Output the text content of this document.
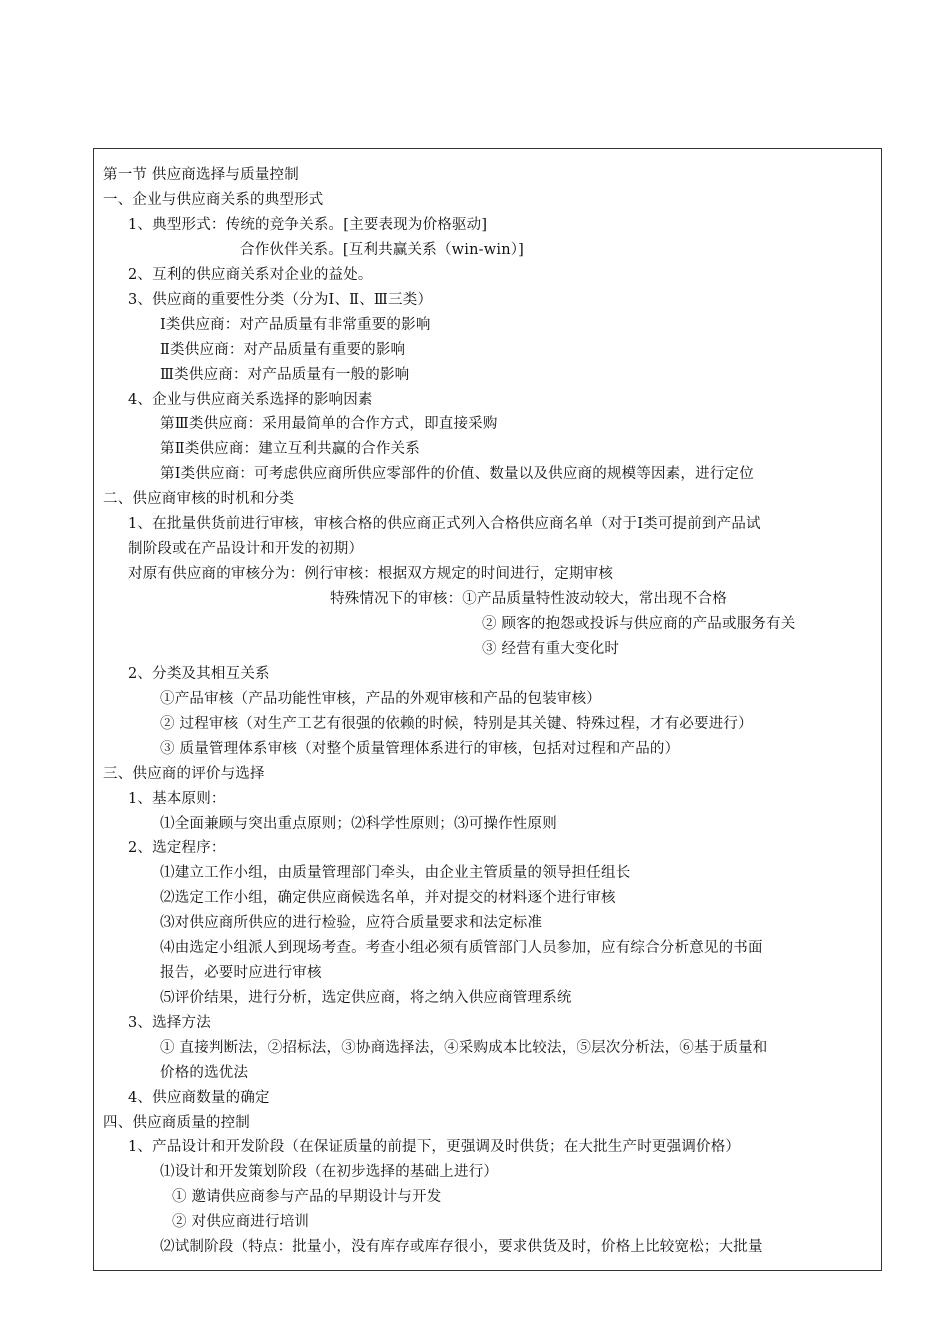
第一节 供应商选择与质量控制
一、企业与供应商关系的典型形式
1、典型形式：传统的竞争关系。[主要表现为价格驱动]
合作伙伴关系。[互利共赢关系（win-win）]
2、互利的供应商关系对企业的益处。
3、供应商的重要性分类（分为Ⅰ、Ⅱ、Ⅲ三类）
Ⅰ类供应商：对产品质量有非常重要的影响
Ⅱ类供应商：对产品质量有重要的影响
Ⅲ类供应商：对产品质量有一般的影响
4、企业与供应商关系选择的影响因素
第Ⅲ类供应商：采用最简单的合作方式，即直接采购
第Ⅱ类供应商：建立互利共赢的合作关系
第Ⅰ类供应商：可考虑供应商所供应零部件的价值、数量以及供应商的规模等因素，进行定位
二、供应商审核的时机和分类
1、在批量供货前进行审核，审核合格的供应商正式列入合格供应商名单（对于Ⅰ类可提前到产品试
制阶段或在产品设计和开发的初期）
对原有供应商的审核分为：例行审核：根据双方规定的时间进行，定期审核
特殊情况下的审核：①产品质量特性波动较大，常出现不合格
② 顾客的抱怨或投诉与供应商的产品或服务有关
③ 经营有重大变化时
2、分类及其相互关系
①产品审核（产品功能性审核，产品的外观审核和产品的包装审核）
② 过程审核（对生产工艺有很强的依赖的时候，特别是其关键、特殊过程，才有必要进行）
③ 质量管理体系审核（对整个质量管理体系进行的审核，包括对过程和产品的）
三、供应商的评价与选择
1、基本原则：
⑴全面兼顾与突出重点原则；⑵科学性原则；⑶可操作性原则
2、选定程序：
⑴建立工作小组，由质量管理部门牵头，由企业主管质量的领导担任组长
⑵选定工作小组，确定供应商候选名单，并对提交的材料逐个进行审核
⑶对供应商所供应的进行检验，应符合质量要求和法定标准
⑷由选定小组派人到现场考查。考查小组必须有质管部门人员参加，应有综合分析意见的书面
报告，必要时应进行审核
⑸评价结果，进行分析，选定供应商，将之纳入供应商管理系统
3、选择方法
① 直接判断法，②招标法，③协商选择法，④采购成本比较法，⑤层次分析法，⑥基于质量和
价格的选优法
4、供应商数量的确定
四、供应商质量的控制
1、产品设计和开发阶段（在保证质量的前提下，更强调及时供货；在大批生产时更强调价格）
⑴设计和开发策划阶段（在初步选择的基础上进行）
① 邀请供应商参与产品的早期设计与开发
② 对供应商进行培训
⑵试制阶段（特点：批量小，没有库存或库存很小，要求供货及时，价格上比较宽松；大批量
